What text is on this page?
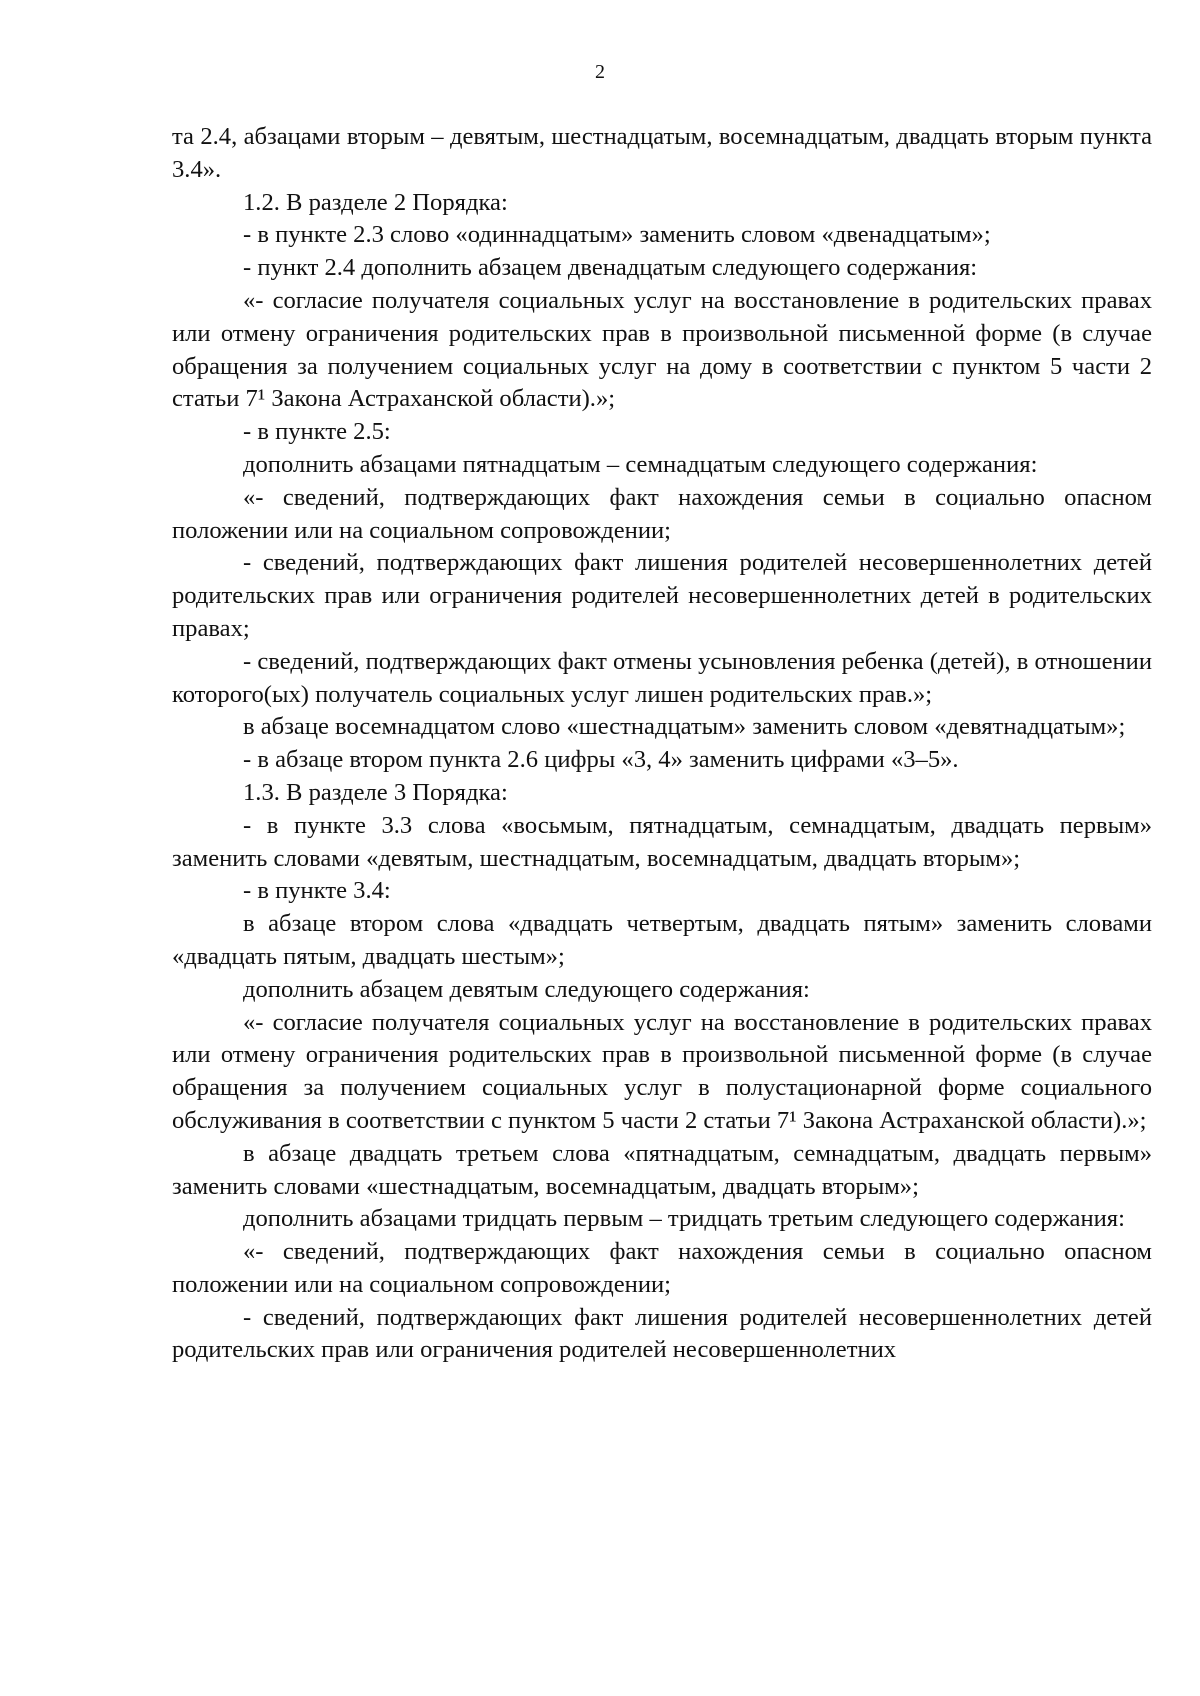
2

та 2.4, абзацами вторым – девятым, шестнадцатым, восемнадцатым, двадцать вторым пункта 3.4».

1.2. В разделе 2 Порядка:

- в пункте 2.3 слово «одиннадцатым» заменить словом «двенадцатым»;

- пункт 2.4 дополнить абзацем двенадцатым следующего содержания:

«- согласие получателя социальных услуг на восстановление в родительских правах или отмену ограничения родительских прав в произвольной письменной форме (в случае обращения за получением социальных услуг на дому в соответствии с пунктом 5 части 2 статьи 7¹ Закона Астраханской области).»;

- в пункте 2.5:

дополнить абзацами пятнадцатым – семнадцатым следующего содержания:

«- сведений, подтверждающих факт нахождения семьи в социально опасном положении или на социальном сопровождении;

- сведений, подтверждающих факт лишения родителей несовершеннолетних детей родительских прав или ограничения родителей несовершеннолетних детей в родительских правах;

- сведений, подтверждающих факт отмены усыновления ребенка (детей), в отношении которого(ых) получатель социальных услуг лишен родительских прав.»;

в абзаце восемнадцатом слово «шестнадцатым» заменить словом «девятнадцатым»;

- в абзаце втором пункта 2.6 цифры «3, 4» заменить цифрами «3–5».

1.3. В разделе 3 Порядка:

- в пункте 3.3 слова «восьмым, пятнадцатым, семнадцатым, двадцать первым» заменить словами «девятым, шестнадцатым, восемнадцатым, двадцать вторым»;

- в пункте 3.4:

в абзаце втором слова «двадцать четвертым, двадцать пятым» заменить словами «двадцать пятым, двадцать шестым»;

дополнить абзацем девятым следующего содержания:

«- согласие получателя социальных услуг на восстановление в родительских правах или отмену ограничения родительских прав в произвольной письменной форме (в случае обращения за получением социальных услуг в полустационарной форме социального обслуживания в соответствии с пунктом 5 части 2 статьи 7¹ Закона Астраханской области).»;

в абзаце двадцать третьем слова «пятнадцатым, семнадцатым, двадцать первым» заменить словами «шестнадцатым, восемнадцатым, двадцать вторым»;

дополнить абзацами тридцать первым – тридцать третьим следующего содержания:

«- сведений, подтверждающих факт нахождения семьи в социально опасном положении или на социальном сопровождении;

- сведений, подтверждающих факт лишения родителей несовершеннолетних детей родительских прав или ограничения родителей несовершеннолетних
